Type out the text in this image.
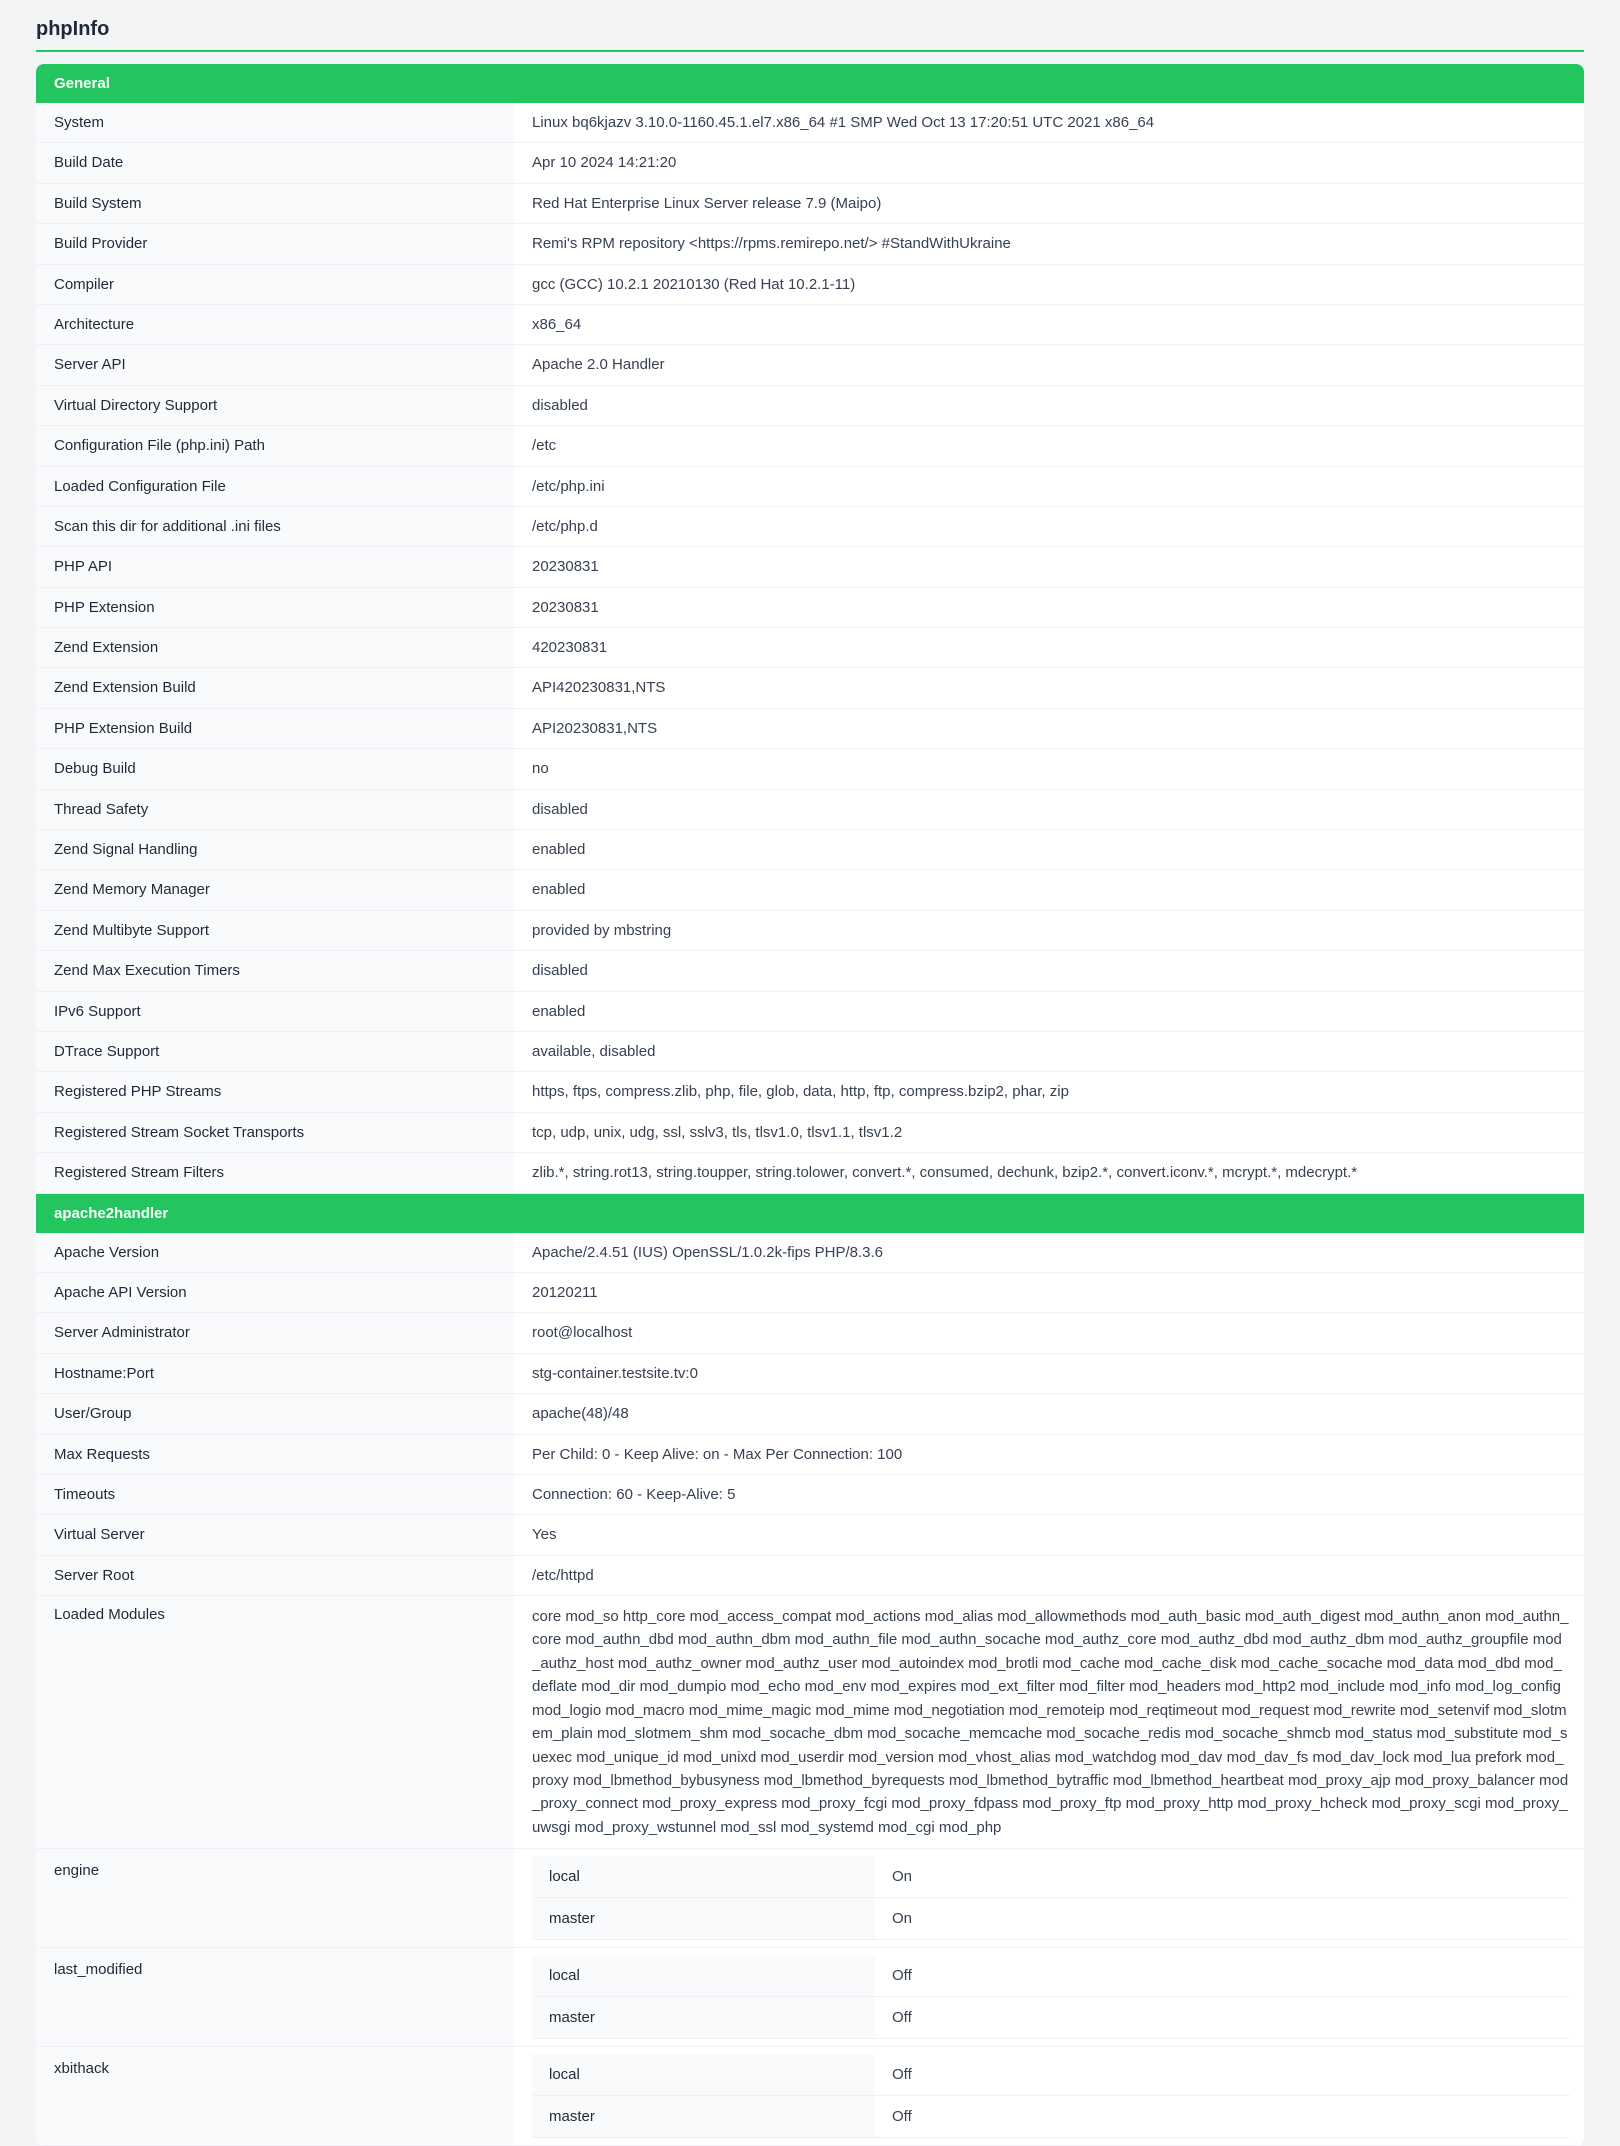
phpInfo
General
System	Linux bq6kjazv 3.10.0-1160.45.1.el7.x86_64 #1 SMP Wed Oct 13 17:20:51 UTC 2021 x86_64
Build Date	Apr 10 2024 14:21:20
Build System	Red Hat Enterprise Linux Server release 7.9 (Maipo)
Build Provider	Remi's RPM repository <https://rpms.remirepo.net/> #StandWithUkraine
Compiler	gcc (GCC) 10.2.1 20210130 (Red Hat 10.2.1-11)
Architecture	x86_64
Server API	Apache 2.0 Handler
Virtual Directory Support	disabled
Configuration File (php.ini) Path	/etc
Loaded Configuration File	/etc/php.ini
Scan this dir for additional .ini files	/etc/php.d
PHP API	20230831
PHP Extension	20230831
Zend Extension	420230831
Zend Extension Build	API420230831,NTS
PHP Extension Build	API20230831,NTS
Debug Build	no
Thread Safety	disabled
Zend Signal Handling	enabled
Zend Memory Manager	enabled
Zend Multibyte Support	provided by mbstring
Zend Max Execution Timers	disabled
IPv6 Support	enabled
DTrace Support	available, disabled
Registered PHP Streams	https, ftps, compress.zlib, php, file, glob, data, http, ftp, compress.bzip2, phar, zip
Registered Stream Socket Transports	tcp, udp, unix, udg, ssl, sslv3, tls, tlsv1.0, tlsv1.1, tlsv1.2
Registered Stream Filters	zlib.*, string.rot13, string.toupper, string.tolower, convert.*, consumed, dechunk, bzip2.*, convert.iconv.*, mcrypt.*, mdecrypt.*
apache2handler
Apache Version	Apache/2.4.51 (IUS) OpenSSL/1.0.2k-fips PHP/8.3.6
Apache API Version	20120211
Server Administrator	root@localhost
Hostname:Port	stg-container.testsite.tv:0
User/Group	apache(48)/48
Max Requests	Per Child: 0 - Keep Alive: on - Max Per Connection: 100
Timeouts	Connection: 60 - Keep-Alive: 5
Virtual Server	Yes
Server Root	/etc/httpd
Loaded Modules	core mod_so http_core mod_access_compat mod_actions mod_alias mod_allowmethods mod_auth_basic mod_auth_digest mod_authn_anon mod_authn_core mod_authn_dbd mod_authn_dbm mod_authn_file mod_authn_socache mod_authz_core mod_authz_dbd mod_authz_dbm mod_authz_groupfile mod_authz_host mod_authz_owner mod_authz_user mod_autoindex mod_brotli mod_cache mod_cache_disk mod_cache_socache mod_data mod_dbd mod_deflate mod_dir mod_dumpio mod_echo mod_env mod_expires mod_ext_filter mod_filter mod_headers mod_http2 mod_include mod_info mod_log_config mod_logio mod_macro mod_mime_magic mod_mime mod_negotiation mod_remoteip mod_reqtimeout mod_request mod_rewrite mod_setenvif mod_slotmem_plain mod_slotmem_shm mod_socache_dbm mod_socache_memcache mod_socache_redis mod_socache_shmcb mod_status mod_substitute mod_suexec mod_unique_id mod_unixd mod_userdir mod_version mod_vhost_alias mod_watchdog mod_dav mod_dav_fs mod_dav_lock mod_lua prefork mod_proxy mod_lbmethod_bybusyness mod_lbmethod_byrequests mod_lbmethod_bytraffic mod_lbmethod_heartbeat mod_proxy_ajp mod_proxy_balancer mod_proxy_connect mod_proxy_express mod_proxy_fcgi mod_proxy_fdpass mod_proxy_ftp mod_proxy_http mod_proxy_hcheck mod_proxy_scgi mod_proxy_uwsgi mod_proxy_wstunnel mod_ssl mod_systemd mod_cgi mod_php
engine	local	On
master	On
last_modified	local	Off
master	Off
xbithack	local	Off
master	Off
